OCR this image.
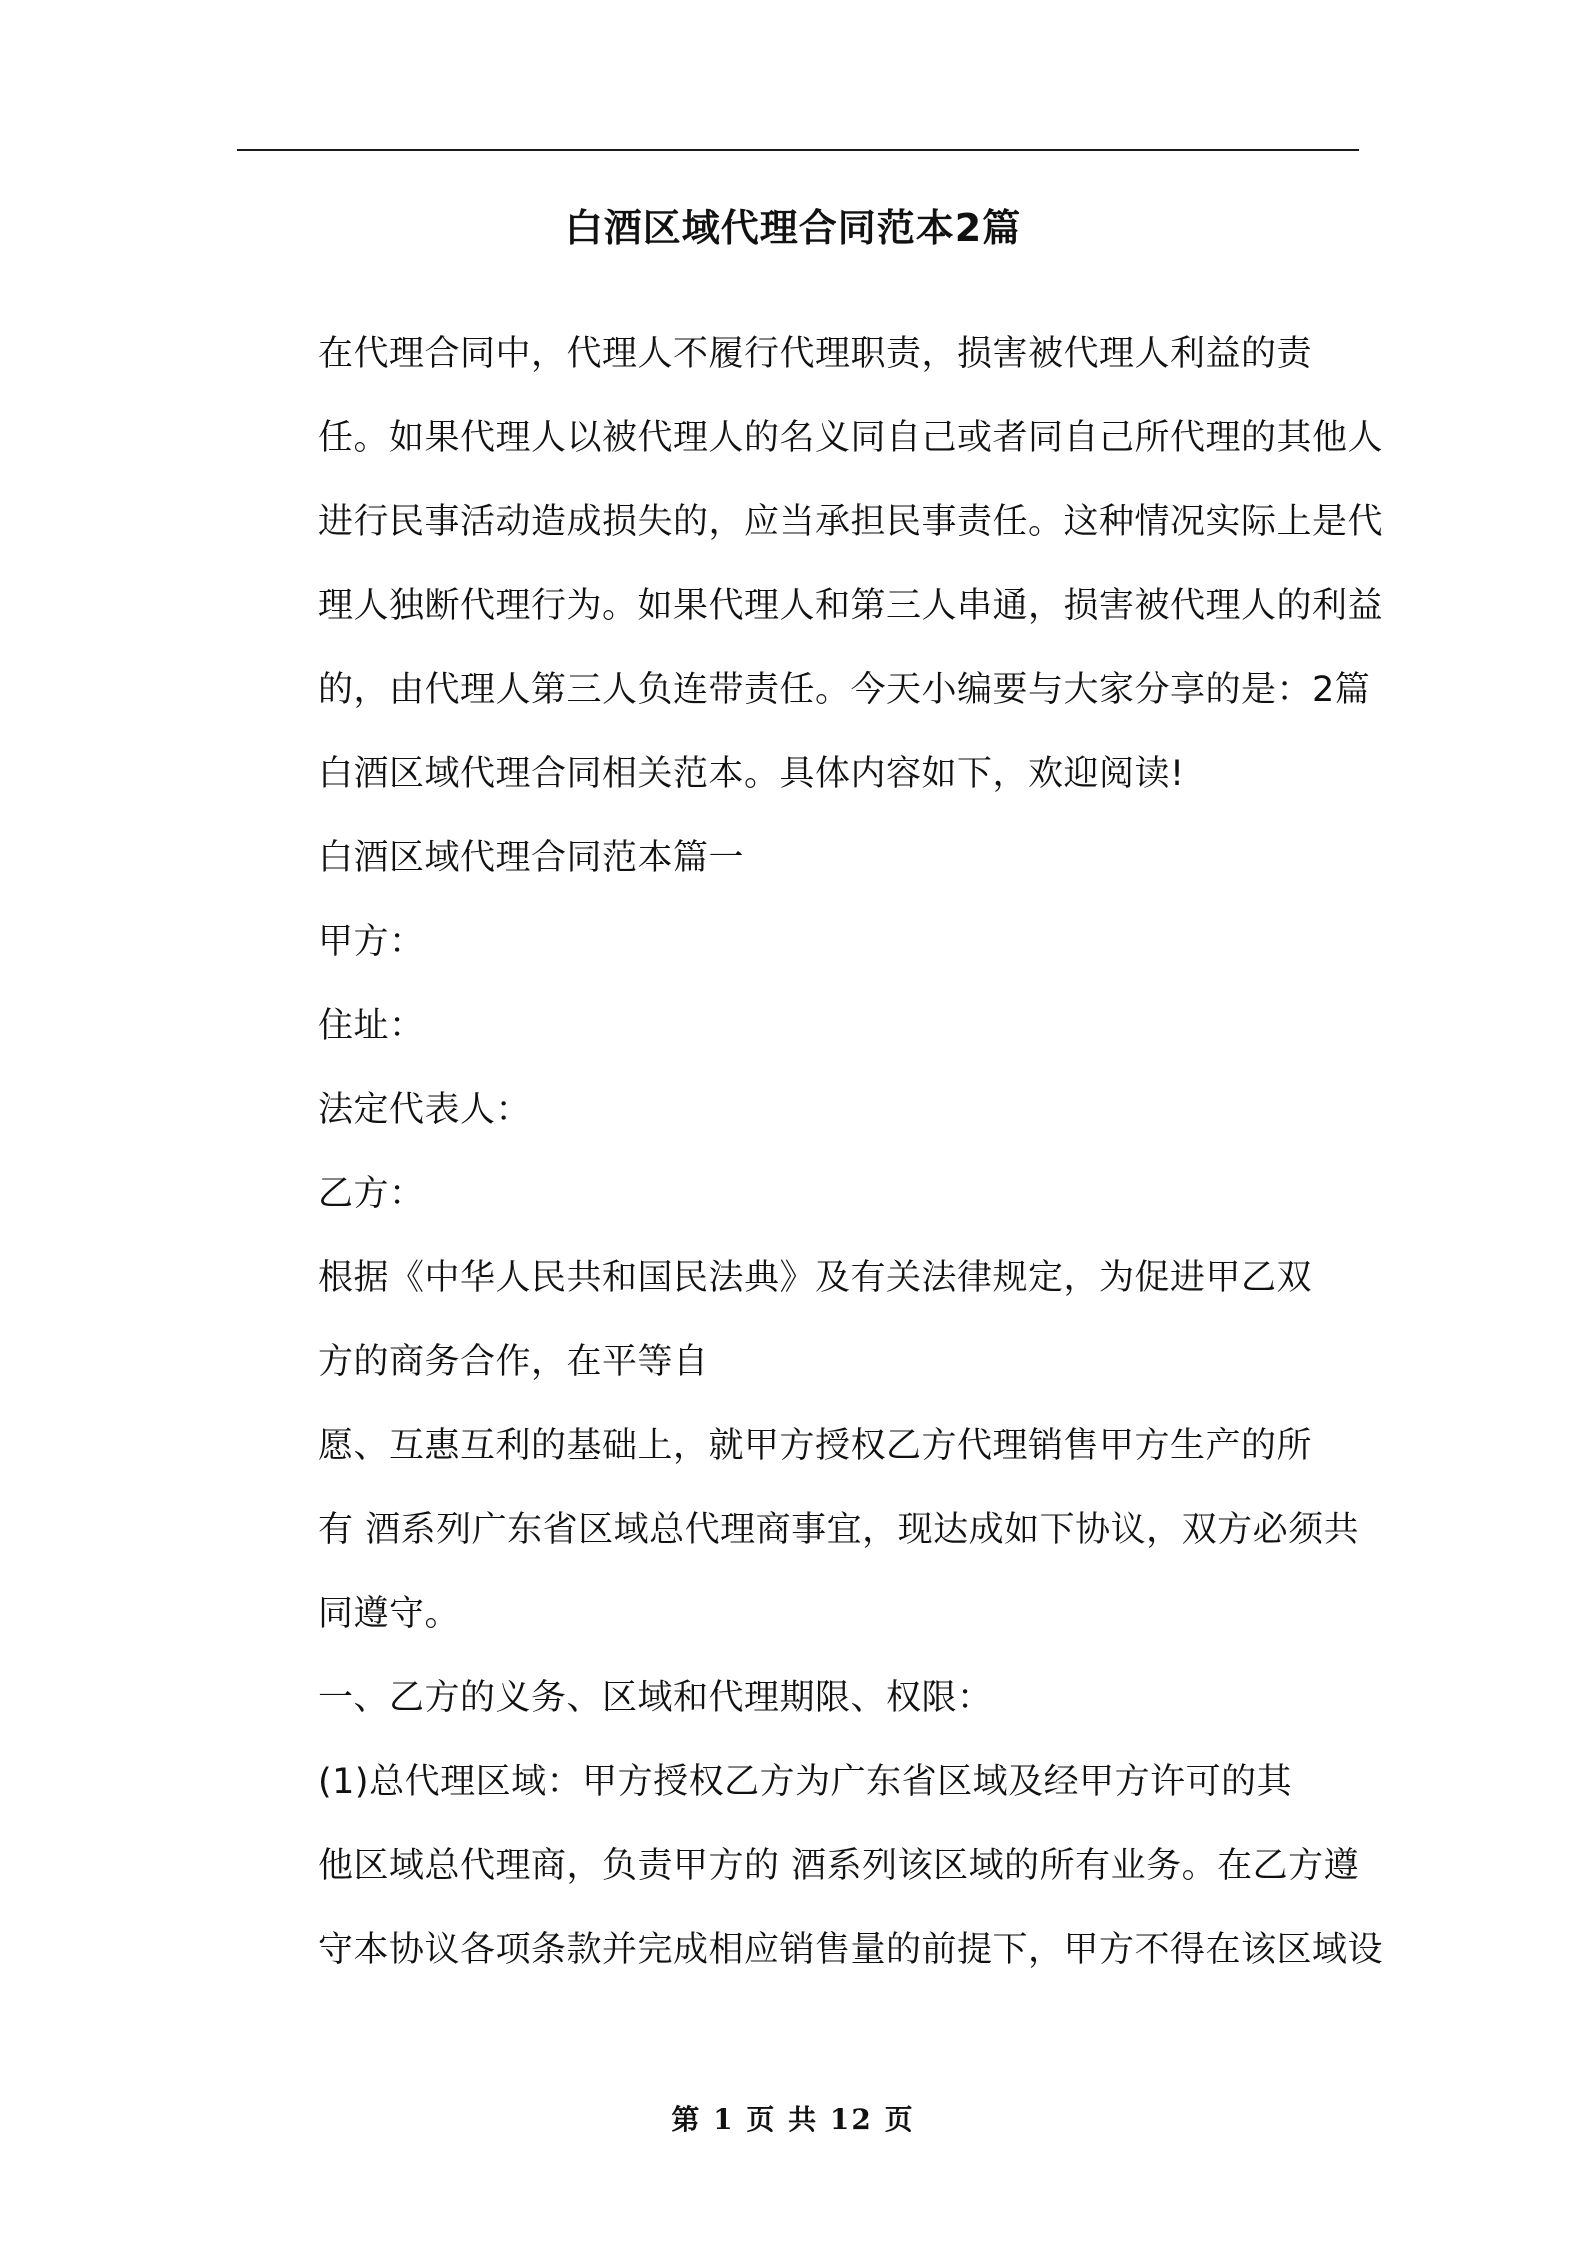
白酒区域代理合同范本2篇

在代理合同中，代理人不履行代理职责，损害被代理人利益的责
任。如果代理人以被代理人的名义同自己或者同自己所代理的其他人
进行民事活动造成损失的，应当承担民事责任。这种情况实际上是代
理人独断代理行为。如果代理人和第三人串通，损害被代理人的利益
的，由代理人第三人负连带责任。今天小编要与大家分享的是：2篇
白酒区域代理合同相关范本。具体内容如下，欢迎阅读!

白酒区域代理合同范本篇一

甲方：

住址：

法定代表人：

乙方：

根据《中华人民共和国民法典》及有关法律规定，为促进甲乙双
方的商务合作，在平等自

愿、互惠互利的基础上，就甲方授权乙方代理销售甲方生产的所
有 酒系列广东省区域总代理商事宜，现达成如下协议，双方必须共
同遵守。

一、乙方的义务、区域和代理期限、权限：

(1)总代理区域：甲方授权乙方为广东省区域及经甲方许可的其
他区域总代理商，负责甲方的 酒系列该区域的所有业务。在乙方遵
守本协议各项条款并完成相应销售量的前提下，甲方不得在该区域设

第 1 页 共 12 页
